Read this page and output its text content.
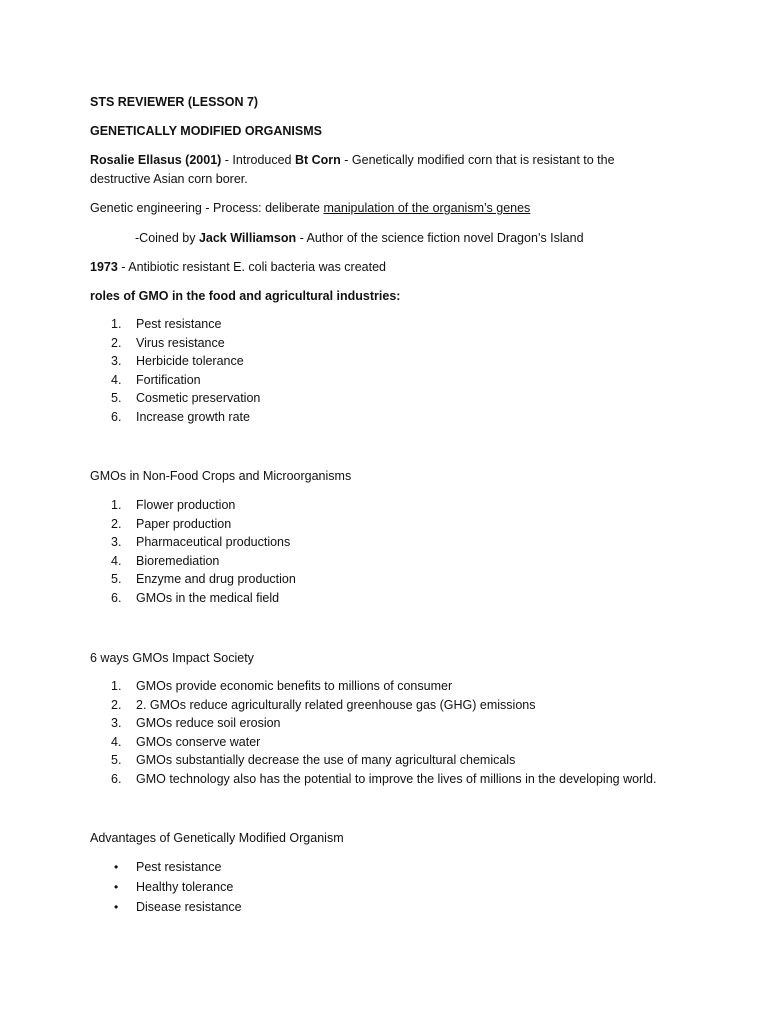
STS REVIEWER (LESSON 7)
GENETICALLY MODIFIED ORGANISMS
Rosalie Ellasus (2001) - Introduced Bt Corn - Genetically modified corn that is resistant to the
destructive Asian corn borer.
Genetic engineering - Process: deliberate manipulation of the organism’s genes
-Coined by Jack Williamson - Author of the science fiction novel Dragon’s Island
1973 - Antibiotic resistant E. coli bacteria was created
roles of GMO in the food and agricultural industries:
1.	Pest resistance
2.	Virus resistance
3.	Herbicide tolerance
4.	Fortification
5.	Cosmetic preservation
6.	Increase growth rate
GMOs in Non-Food Crops and Microorganisms
1.	Flower production
2.	Paper production
3.	Pharmaceutical productions
4.	Bioremediation
5.	Enzyme and drug production
6.	GMOs in the medical field
6 ways GMOs Impact Society
1.	GMOs provide economic benefits to millions of consumer
2.	2. GMOs reduce agriculturally related greenhouse gas (GHG) emissions
3.	GMOs reduce soil erosion
4.	GMOs conserve water
5.	GMOs substantially decrease the use of many agricultural chemicals
6.	GMO technology also has the potential to improve the lives of millions in the developing world.
Advantages of Genetically Modified Organism
• Pest resistance
• Healthy tolerance
• Disease resistance
